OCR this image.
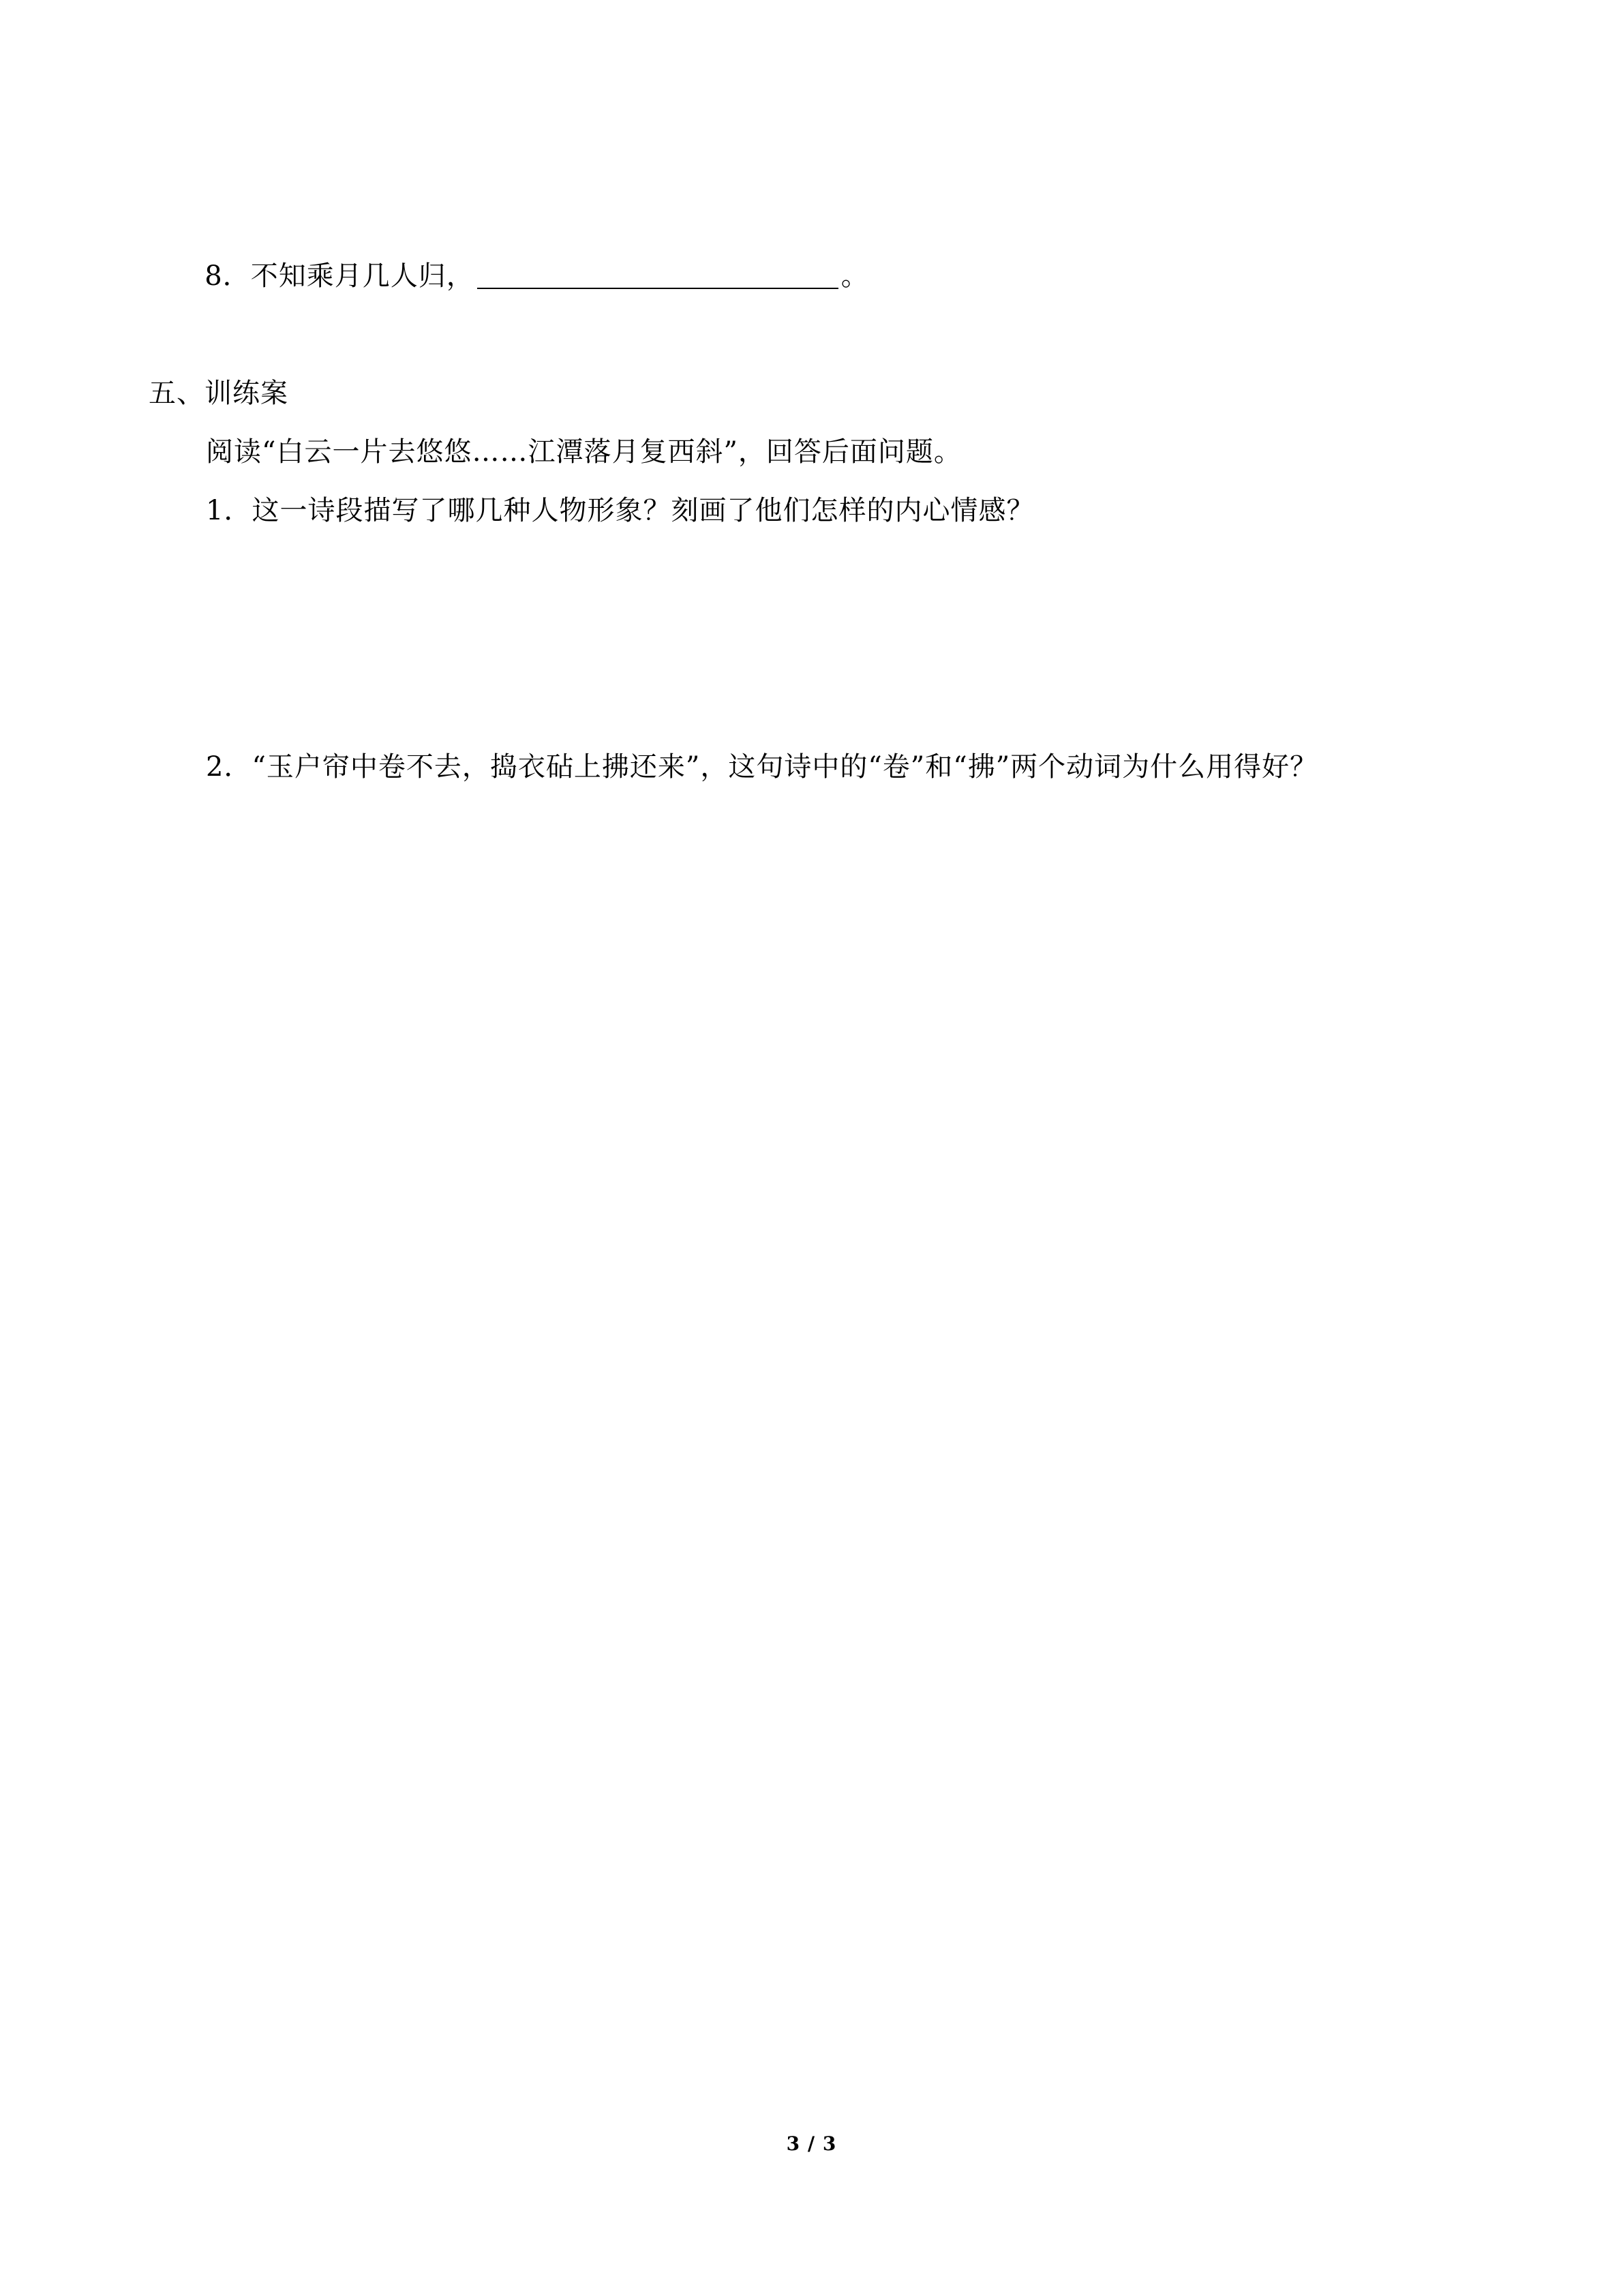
8．不知乘月几人归，	。

五、训练案
阅读“白云一片去悠悠……江潭落月复西斜”，回答后面问题。
1．这一诗段描写了哪几种人物形象？刻画了他们怎样的内心情感？
2．“玉户帘中卷不去，捣衣砧上拂还来”，这句诗中的“卷”和“拂”两个动词为什么用得好？
3 / 3
